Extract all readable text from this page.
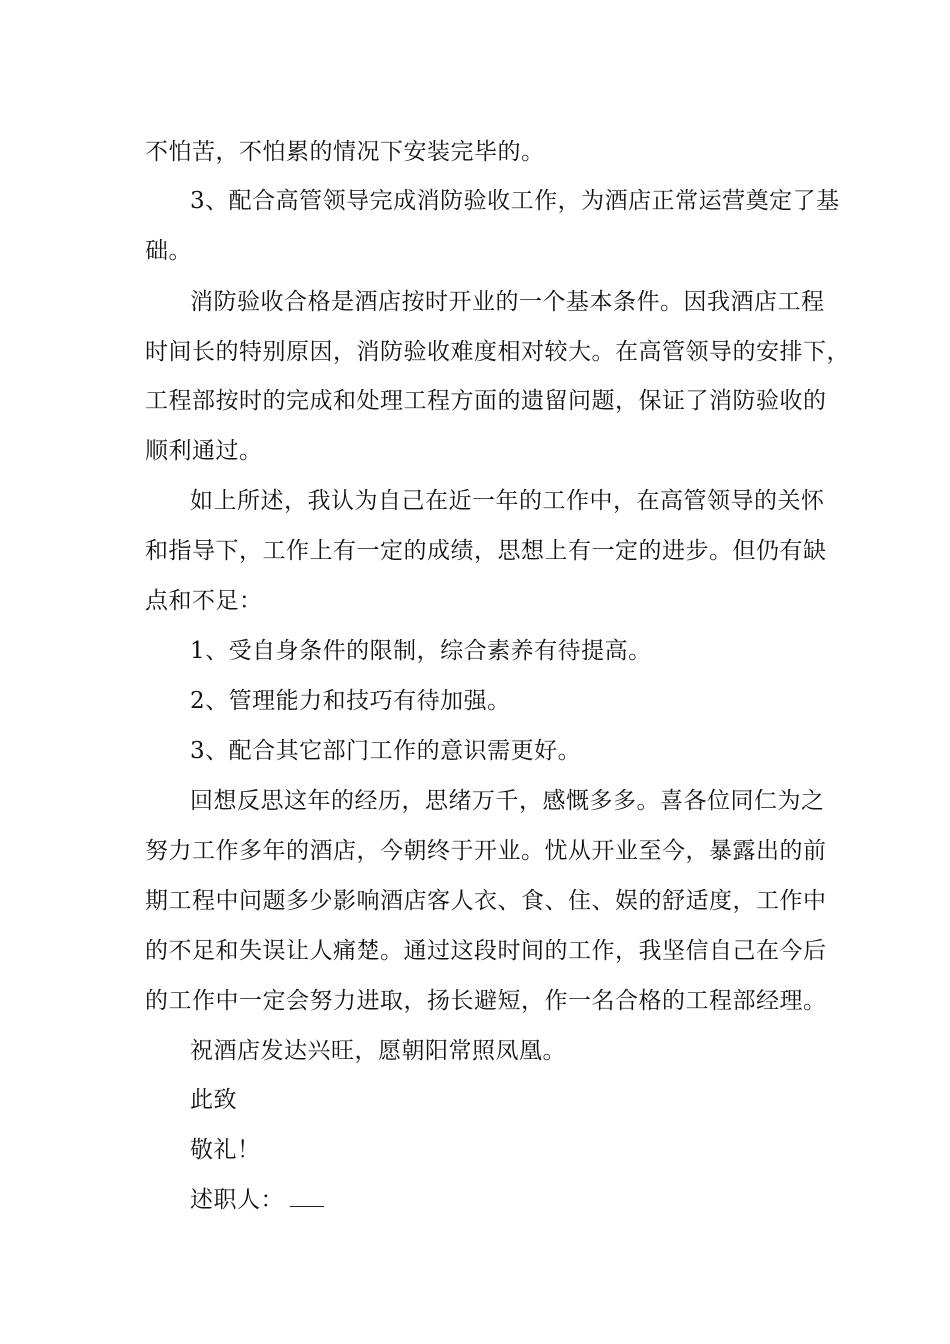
不怕苦，不怕累的情况下安装完毕的。
3、配合高管领导完成消防验收工作，为酒店正常运营奠定了基
础。
消防验收合格是酒店按时开业的一个基本条件。因我酒店工程
时间长的特别原因，消防验收难度相对较大。在高管领导的安排下，
工程部按时的完成和处理工程方面的遗留问题，保证了消防验收的
顺利通过。
如上所述，我认为自己在近一年的工作中，在高管领导的关怀
和指导下，工作上有一定的成绩，思想上有一定的进步。但仍有缺
点和不足：
1、受自身条件的限制，综合素养有待提高。
2、管理能力和技巧有待加强。
3、配合其它部门工作的意识需更好。
回想反思这年的经历，思绪万千，感慨多多。喜各位同仁为之
努力工作多年的酒店，今朝终于开业。忧从开业至今，暴露出的前
期工程中问题多少影响酒店客人衣、食、住、娱的舒适度，工作中
的不足和失误让人痛楚。通过这段时间的工作，我坚信自己在今后
的工作中一定会努力进取，扬长避短，作一名合格的工程部经理。
祝酒店发达兴旺，愿朝阳常照凤凰。
此致
敬礼！
述职人：
